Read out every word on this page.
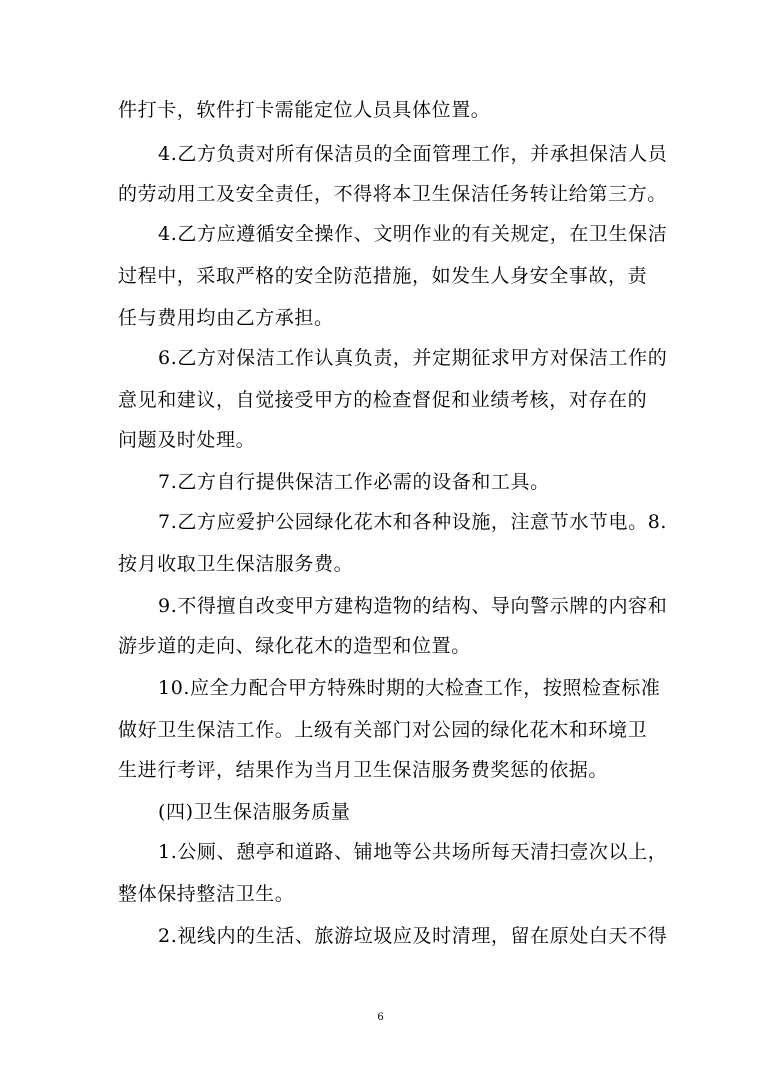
件打卡，软件打卡需能定位人员具体位置。
4.乙方负责对所有保洁员的全面管理工作，并承担保洁人员
的劳动用工及安全责任，不得将本卫生保洁任务转让给第三方。
4.乙方应遵循安全操作、文明作业的有关规定，在卫生保洁
过程中，采取严格的安全防范措施，如发生人身安全事故，责
任与费用均由乙方承担。
6.乙方对保洁工作认真负责，并定期征求甲方对保洁工作的
意见和建议，自觉接受甲方的检查督促和业绩考核，对存在的
问题及时处理。
7.乙方自行提供保洁工作必需的设备和工具。
7.乙方应爱护公园绿化花木和各种设施，注意节水节电。8.
按月收取卫生保洁服务费。
9.不得擅自改变甲方建构造物的结构、导向警示牌的内容和
游步道的走向、绿化花木的造型和位置。
10.应全力配合甲方特殊时期的大检查工作，按照检查标准
做好卫生保洁工作。上级有关部门对公园的绿化花木和环境卫
生进行考评，结果作为当月卫生保洁服务费奖惩的依据。
(四)卫生保洁服务质量
1.公厕、憩亭和道路、铺地等公共场所每天清扫壹次以上，
整体保持整洁卫生。
2.视线内的生活、旅游垃圾应及时清理，留在原处白天不得
6
